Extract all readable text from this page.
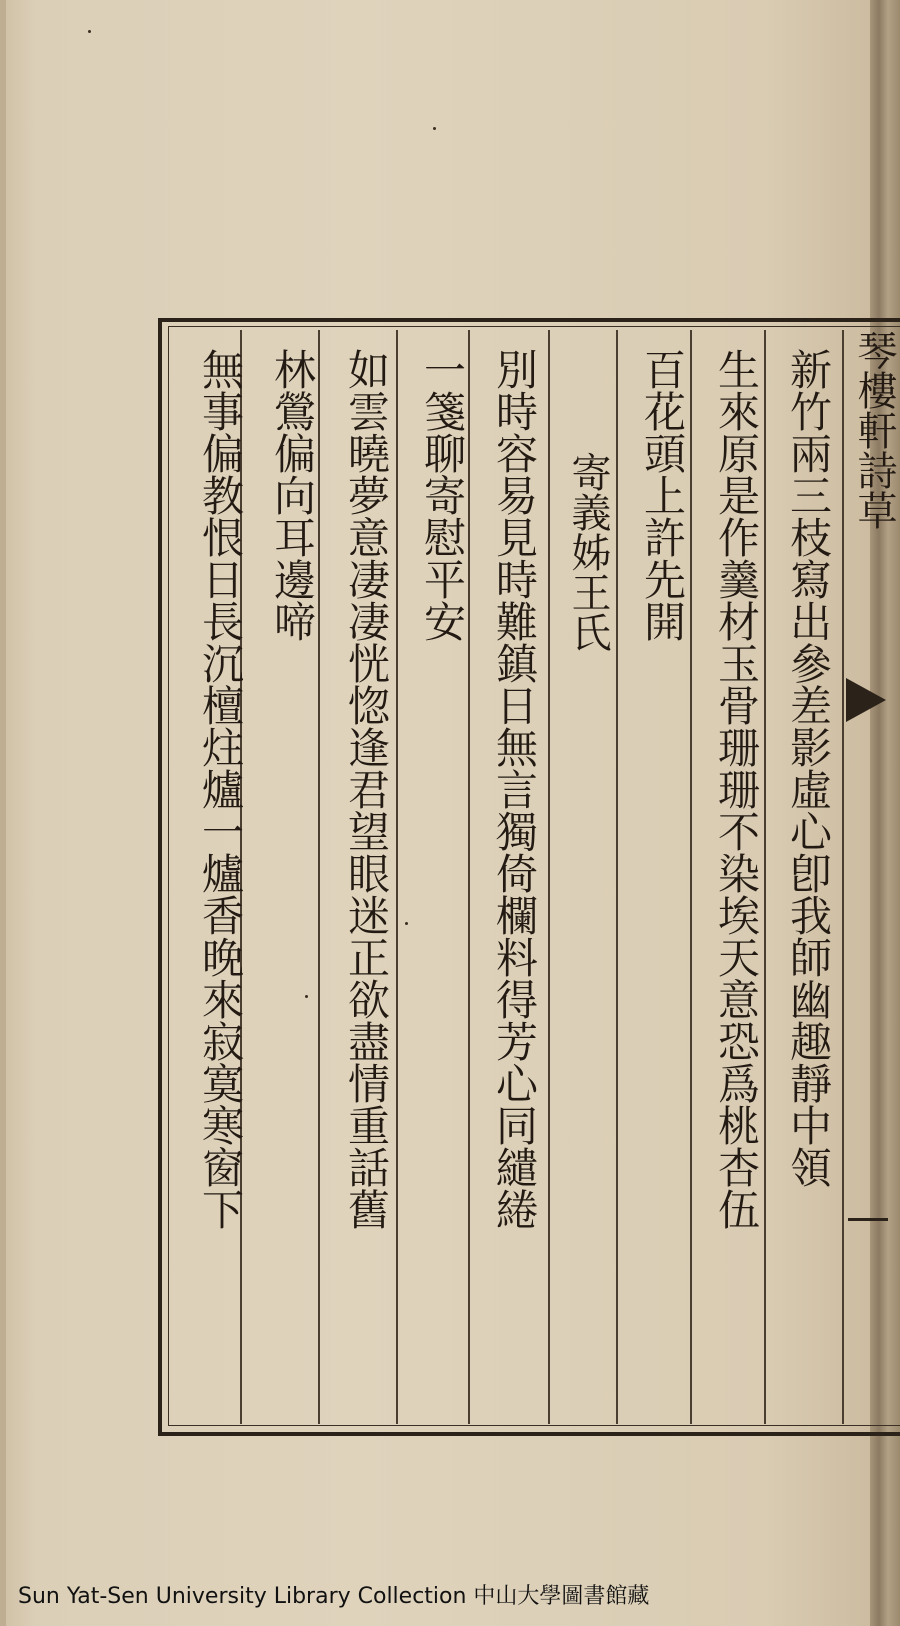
新竹兩三枝寫出參差影虛心卽我師幽趣靜中領
生來原是作羹材玉骨珊珊不染埃天意恐爲桃杏伍
百花頭上許先開
寄義姊王氏
別時容易見時難鎮日無言獨倚欄料得芳心同繾綣
一箋聊寄慰平安
如雲曉夢意凄凄恍惚逢君望眼迷正欲盡情重話舊
林鶯偏向耳邊啼
無事偏教恨日長沉檀炷爐一爐香晚來寂寞寒窗下	琴樓軒詩草
Sun Yat-Sen University Library Collection 中山大學圖書館藏
